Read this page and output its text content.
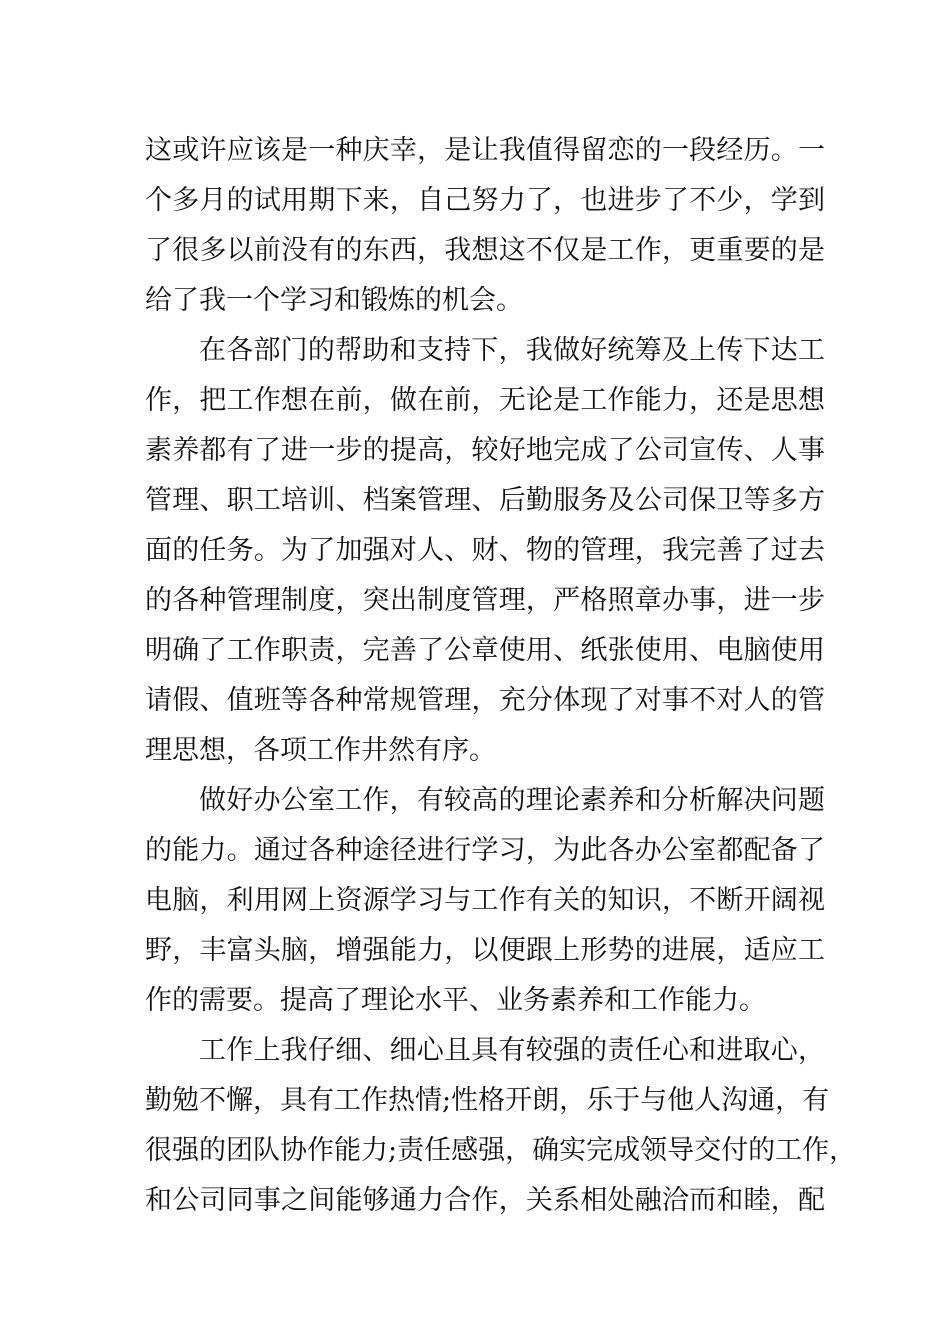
这或许应该是一种庆幸，是让我值得留恋的一段经历。一
个多月的试用期下来，自己努力了，也进步了不少，学到
了很多以前没有的东西，我想这不仅是工作，更重要的是
给了我一个学习和锻炼的机会。
在各部门的帮助和支持下，我做好统筹及上传下达工
作，把工作想在前，做在前，无论是工作能力，还是思想
素养都有了进一步的提高，较好地完成了公司宣传、人事
管理、职工培训、档案管理、后勤服务及公司保卫等多方
面的任务。为了加强对人、财、物的管理，我完善了过去
的各种管理制度，突出制度管理，严格照章办事，进一步
明确了工作职责，完善了公章使用、纸张使用、电脑使用
请假、值班等各种常规管理，充分体现了对事不对人的管
理思想，各项工作井然有序。
做好办公室工作，有较高的理论素养和分析解决问题
的能力。通过各种途径进行学习，为此各办公室都配备了
电脑，利用网上资源学习与工作有关的知识，不断开阔视
野，丰富头脑，增强能力，以便跟上形势的进展，适应工
作的需要。提高了理论水平、业务素养和工作能力。
工作上我仔细、细心且具有较强的责任心和进取心，
勤勉不懈，具有工作热情;性格开朗，乐于与他人沟通，有
很强的团队协作能力;责任感强，确实完成领导交付的工作，
和公司同事之间能够通力合作，关系相处融洽而和睦，配
